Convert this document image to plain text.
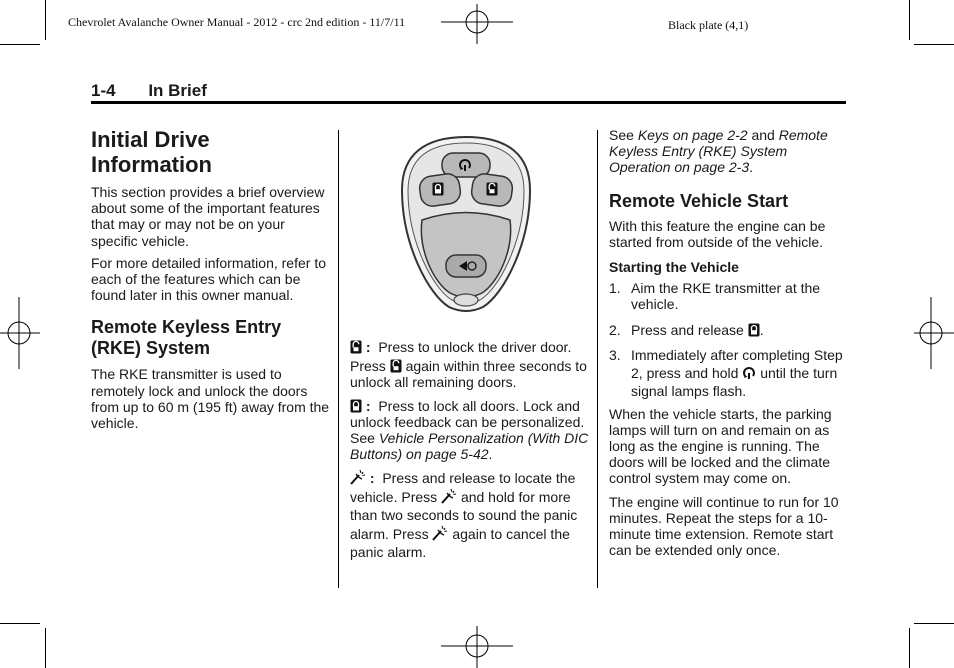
Chevrolet Avalanche Owner Manual - 2012 - crc 2nd edition - 11/7/11	Black plate (4,1)
1-4 In Brief

Initial Drive Information

This section provides a brief overview about some of the important features that may or may not be on your specific vehicle.

For more detailed information, refer to each of the features which can be found later in this owner manual.

Remote Keyless Entry (RKE) System

The RKE transmitter is used to remotely lock and unlock the doors from up to 60 m (195 ft) away from the vehicle.

: Press to unlock the driver door.

Press again within three seconds to unlock all remaining doors.

: Press to lock all doors. Lock and unlock feedback can be personalized. See Vehicle Personalization (With DIC Buttons) on page 5-42.

: Press and release to locate the vehicle. Press and hold for more than two seconds to sound the panic alarm. Press again to cancel the panic alarm.

See Keys on page 2-2 and Remote Keyless Entry (RKE) System Operation on page 2-3.

Remote Vehicle Start

With this feature the engine can be started from outside of the vehicle.

Starting the Vehicle

1. Aim the RKE transmitter at the vehicle.

2. Press and release .

3. Immediately after completing Step 2, press and hold until the turn signal lamps flash.

When the vehicle starts, the parking lamps will turn on and remain on as long as the engine is running. The doors will be locked and the climate control system may come on.

The engine will continue to run for 10 minutes. Repeat the steps for a 10-minute time extension. Remote start can be extended only once.
